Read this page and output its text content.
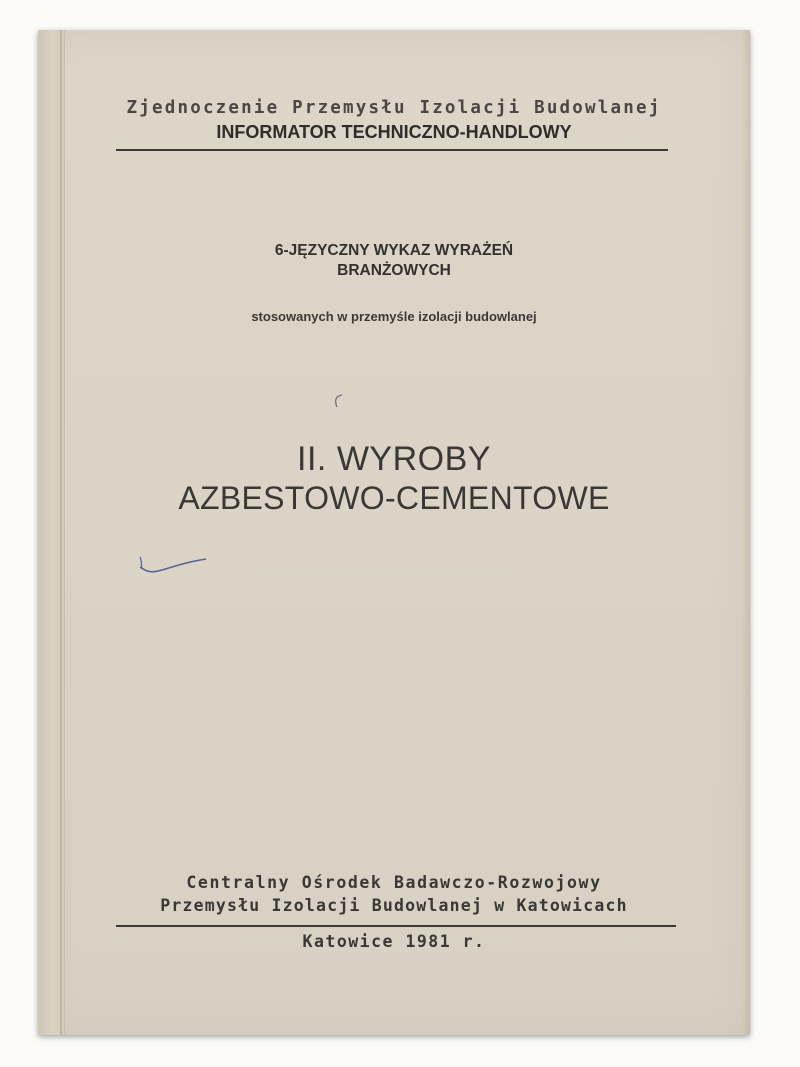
Zjednoczenie Przemysłu Izolacji Budowlanej
INFORMATOR TECHNICZNO-HANDLOWY
6-JĘZYCZNY WYKAZ WYRAŻEŃ
BRANŻOWYCH
stosowanych w przemyśle izolacji budowlanej
II. WYROBY
AZBESTOWO-CEMENTOWE
Centralny Ośrodek Badawczo-Rozwojowy
Przemysłu Izolacji Budowlanej w Katowicach
Katowice 1981 r.
